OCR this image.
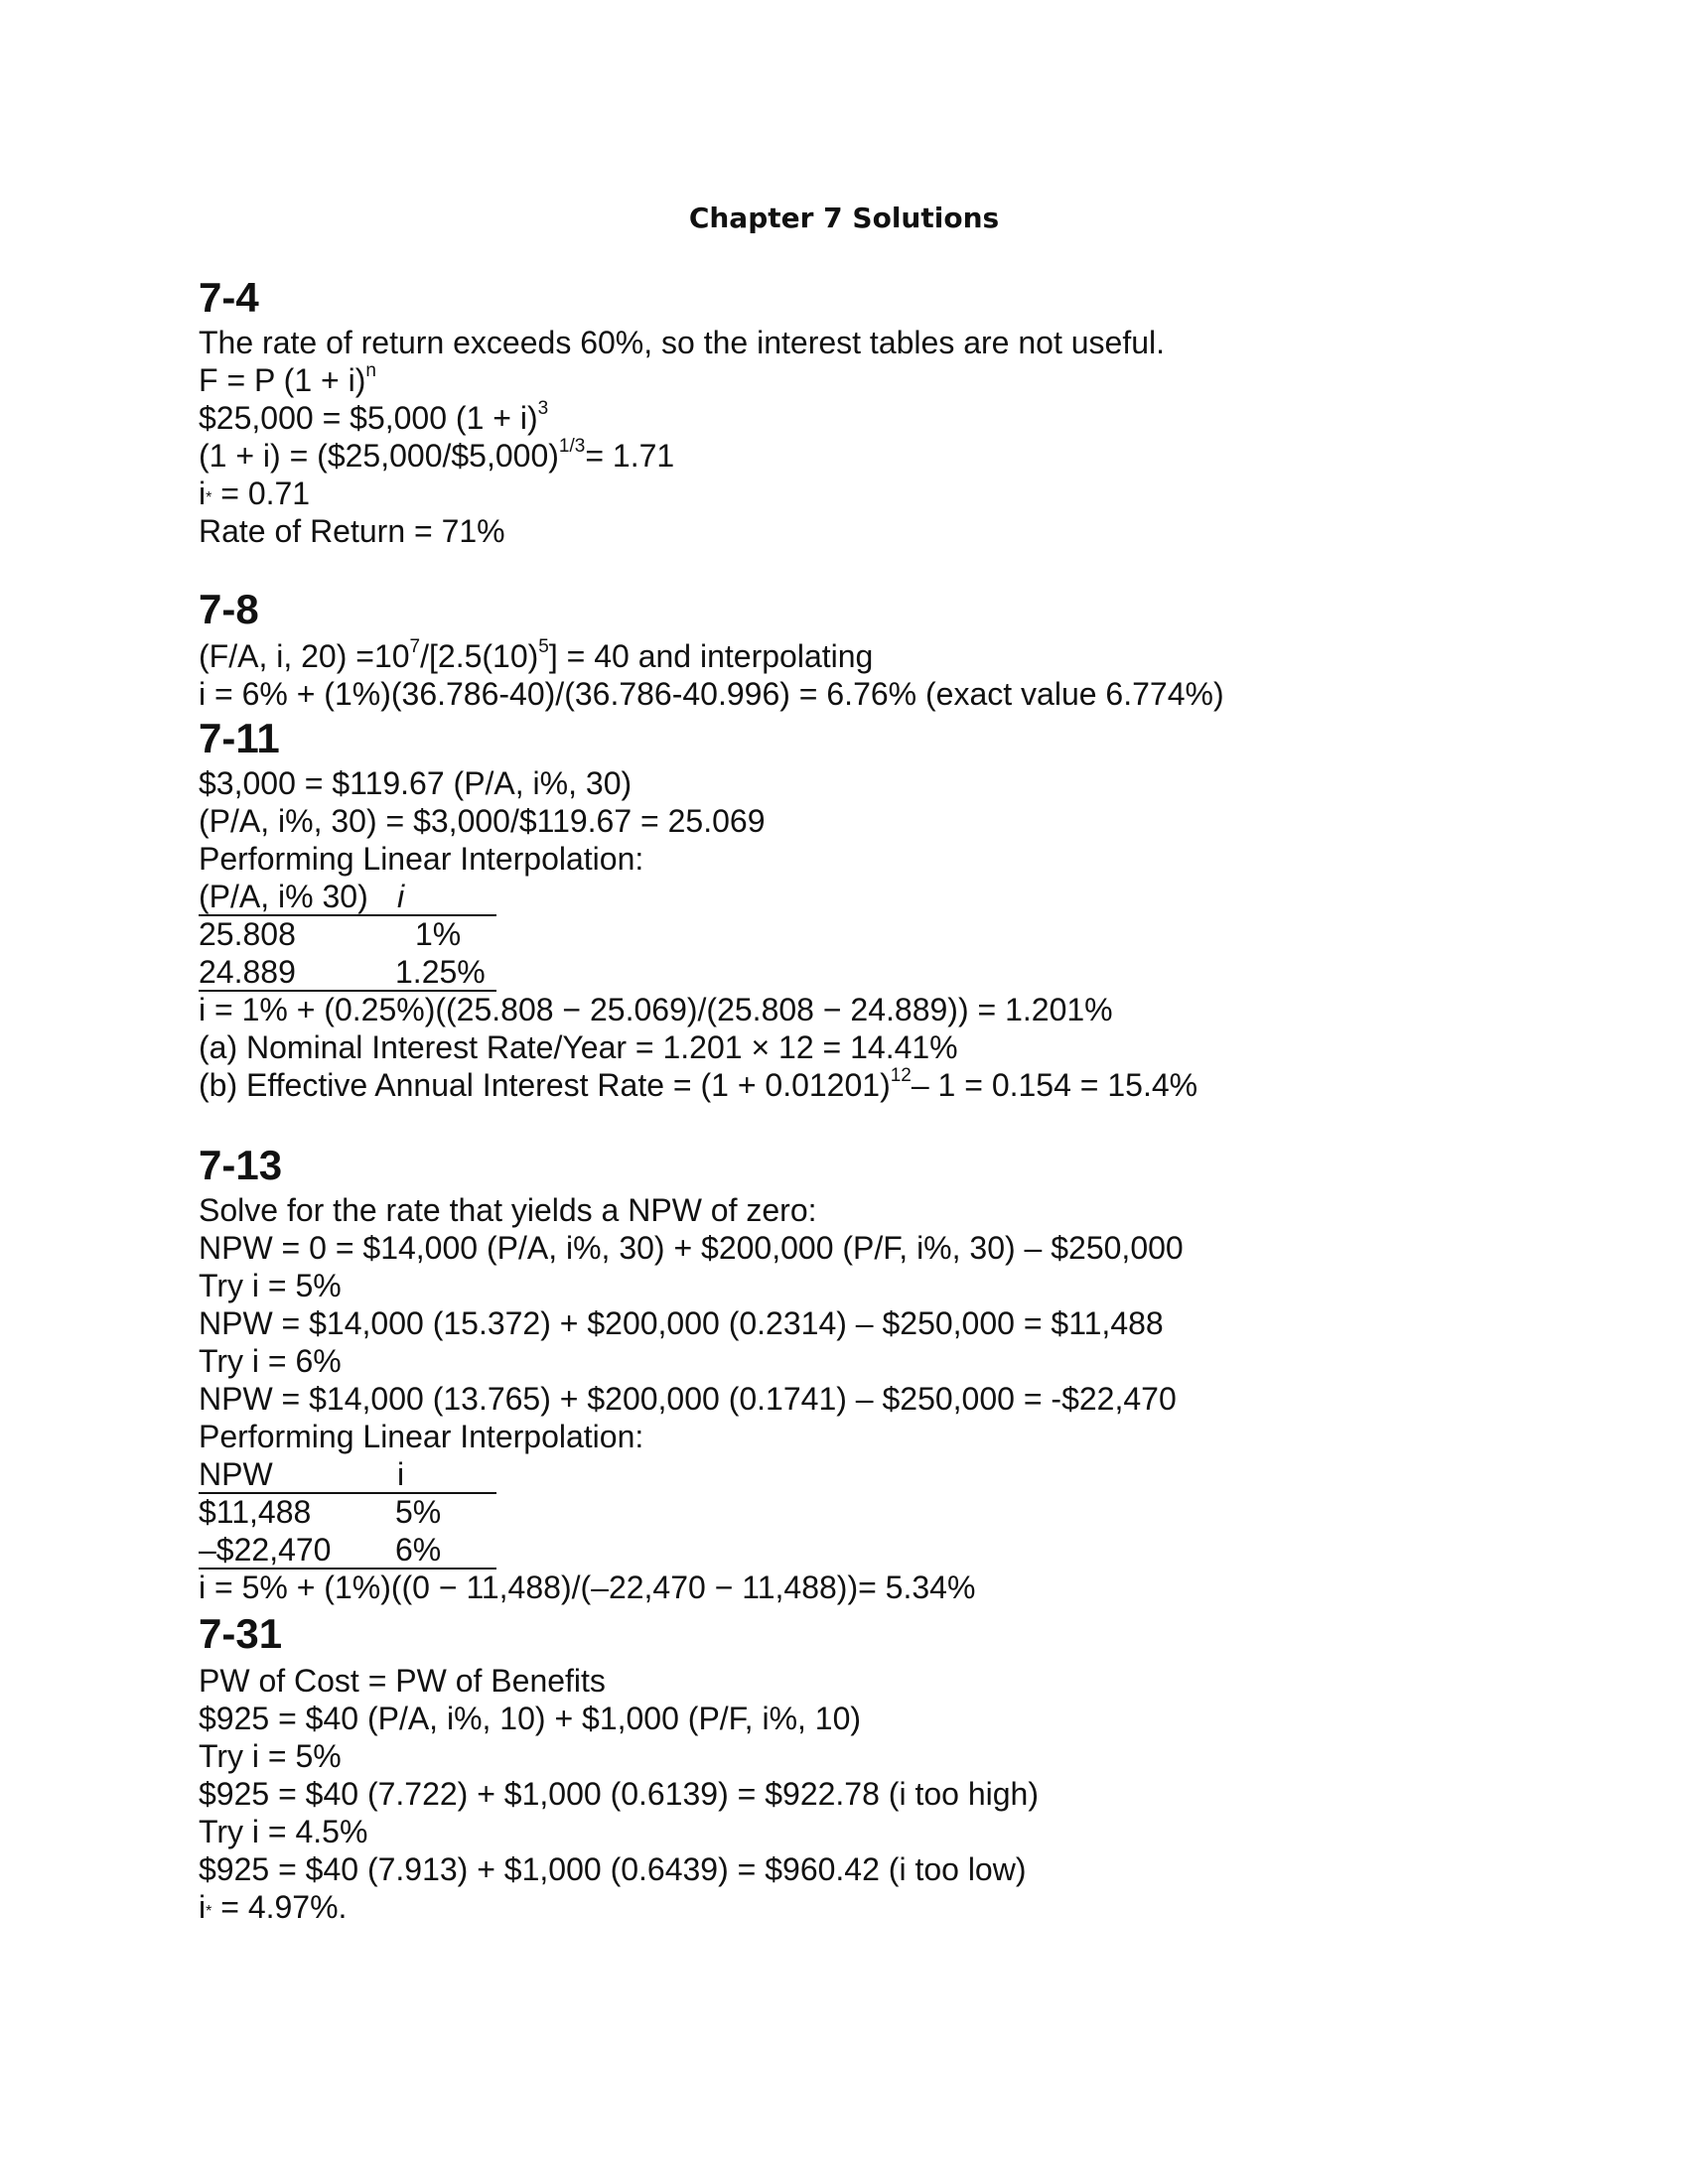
Chapter 7 Solutions
7-4
The rate of return exceeds 60%, so the interest tables are not useful.
F = P $(1 + i)^n$
$25,000 = $5,000 $(1 + i)^3$
(1 + i) = ($25,000/$5,000)$^{1/3}$= 1.71
i* = 0.71
Rate of Return = 71%
7-8
(F/A, i, $20) =10^7/[2.5(10)^5] = 40$ and interpolating
i = 6% + (1%)(36.786-40)/(36.786-40.996) = 6.76% (exact value 6.774%)
7-11
$3,000 = $119.67 (P/A, i%, 30)
(P/A, i%, 30) = $3,000/$119.67 = 25.069
Performing Linear Interpolation:
(P/A, i% 30) i
25.808	1%
24.889	1.25%
i = 1% + (0.25%)((25.808 − 25.069)/(25.808 − 24.889)) = 1.201%
(a) Nominal Interest Rate/Year = 1.201 × 12 = 14.41%
(b) Effective Annual Interest Rate = $(1 + 0.01201)^{12}-$ 1 = 0.154 = 15.4%
7-13
Solve for the rate that yields a NPW of zero:
NPW = 0 = $14,000 (P/A, i%, 30) + $200,000 (P/F, i%, 30) – $250,000
Try i = 5%
NPW = $14,000 (15.372) + $200,000 (0.2314) – $250,000 = $11,488
Try i = 6%
NPW = $14,000 (13.765) + $200,000 (0.1741) – $250,000 = -$22,470
Performing Linear Interpolation:
NPW	i
$11,488	5%
–$22,470 6%
i = 5% + (1%)((0 − 11,488)/(–22,470 − 11,488))= 5.34%
7-31
PW of Cost = PW of Benefits
$925 = $40 (P/A, i%, 10) + $1,000 (P/F, i%, 10)
Try i = 5%
$925 = $40 (7.722) + $1,000 (0.6139) = $922.78 (i too high)
Try i = 4.5%
$925 = $40 (7.913) + $1,000 (0.6439) = $960.42 (i too low)
i* = 4.97%.
